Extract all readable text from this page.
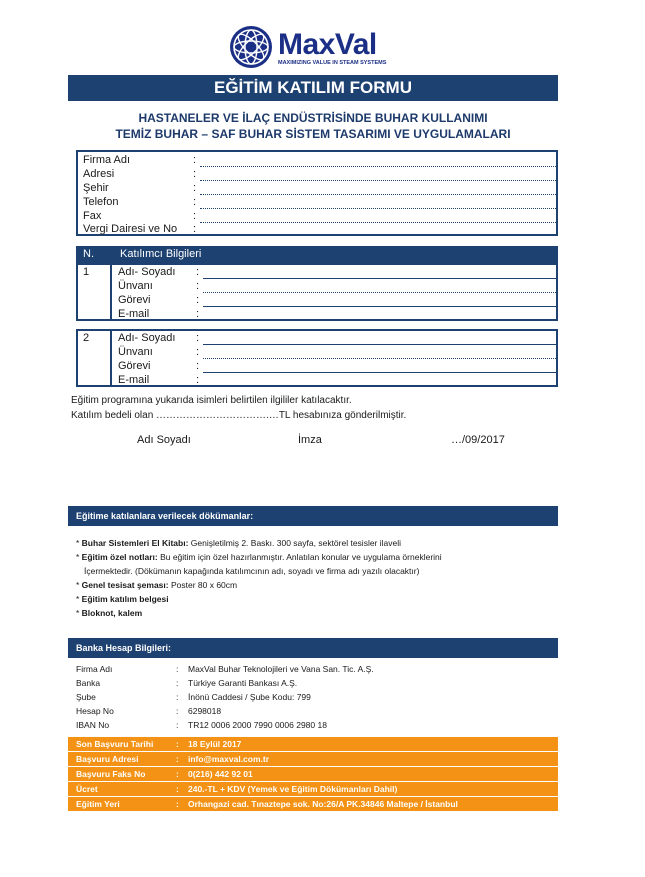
MaxVal
MAXIMIZING VALUE IN STEAM SYSTEMS
EĞİTİM KATILIM FORMU
HASTANELER VE İLAÇ ENDÜSTRİSİNDE BUHAR KULLANIMI
TEMİZ BUHAR – SAF BUHAR SİSTEM TASARIMI VE UYGULAMALARI
Firma Adı	:
Adresi	:
Şehir	:
Telefon	:
Fax	:
Vergi Dairesi ve No :
N. Katılımcı Bilgileri
1	Adı- Soyadı :
Ünvanı	:
Görevi	:
E-mail	:
2	Adı- Soyadı :
Ünvanı	:
Görevi	:
E-mail	:
Eğitim programına yukarıda isimleri belirtilen ilgililer katılacaktır.
Katılım bedeli olan …………………………….…TL hesabınıza gönderilmiştir.
Adı Soyadı	İmza	…/09/2017
Eğitime katılanlara verilecek dökümanlar:
* Buhar Sistemleri El Kitabı: Genişletilmiş 2. Baskı. 300 sayfa, sektörel tesisler ilaveli
* Eğitim özel notları: Bu eğitim için özel hazırlanmıştır. Anlatılan konular ve uygulama örneklerini
İçermektedir. (Dökümanın kapağında katılımcının adı, soyadı ve firma adı yazılı olacaktır)
* Genel tesisat şeması: Poster 80 x 60cm
* Eğitim katılım belgesi
* Bloknot, kalem
Banka Hesap Bilgileri:
Firma Adı	: MaxVal Buhar Teknolojileri ve Vana San. Tic. A.Ş.
Banka	: Türkiye Garanti Bankası A.Ş.
Şube	: İnönü Caddesi / Şube Kodu: 799
Hesap No	: 6298018
IBAN No	: TR12 0006 2000 7990 0006 2980 18
Son Başvuru Tarihi	: 18 Eylül 2017
Başvuru Adresi	: info@maxval.com.tr
Başvuru Faks No	: 0(216) 442 92 01
Ücret	: 240.-TL + KDV (Yemek ve Eğitim Dökümanları Dahil)
Eğitim Yeri	: Orhangazi cad. Tınaztepe sok. No:26/A PK.34846 Maltepe / İstanbul
